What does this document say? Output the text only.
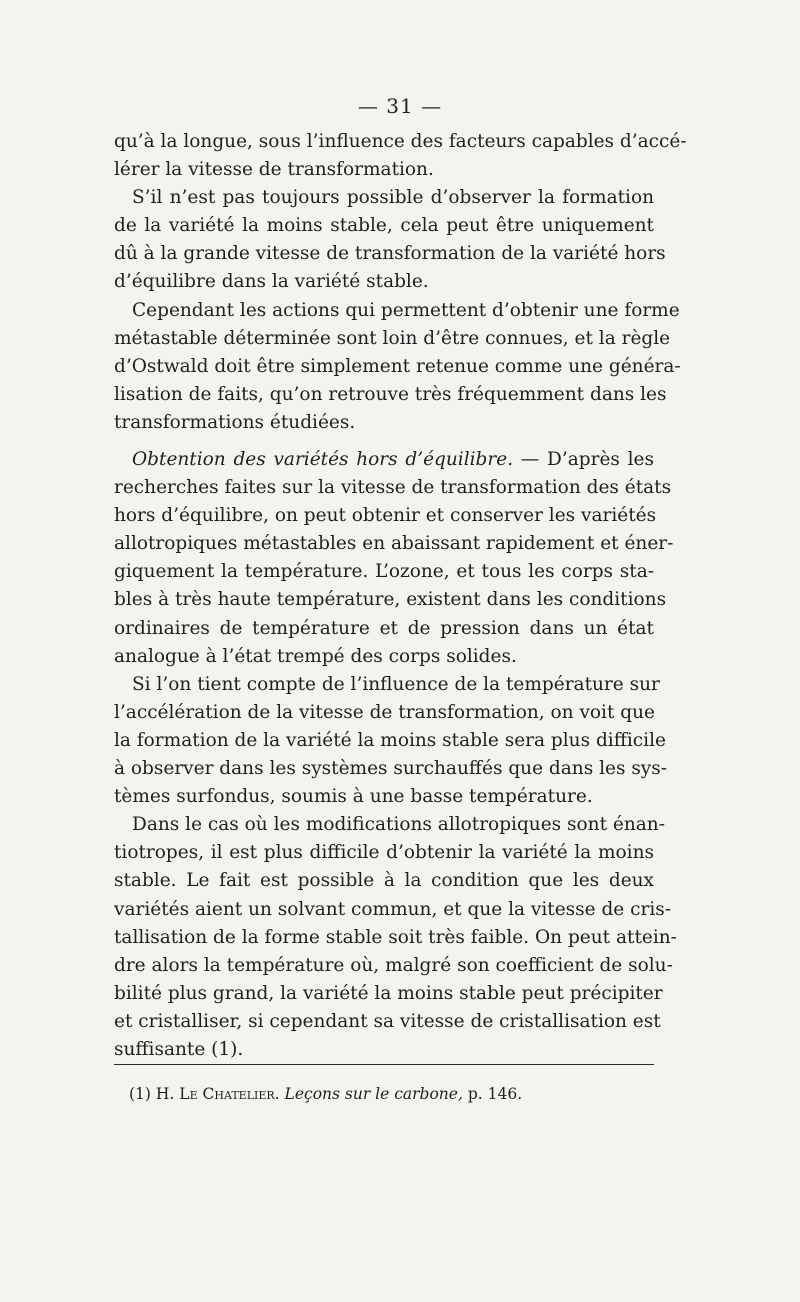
— 31 —
qu’à la longue, sous l’influence des facteurs capables d’accé-
lérer la vitesse de transformation.
S’il n’est pas toujours possible d’observer la formation
de la variété la moins stable, cela peut être uniquement
dû à la grande vitesse de transformation de la variété hors
d’équilibre dans la variété stable.
Cependant les actions qui permettent d’obtenir une forme
métastable déterminée sont loin d’être connues, et la règle
d’Ostwald doit être simplement retenue comme une généra-
lisation de faits, qu’on retrouve très fréquemment dans les
transformations étudiées.
Obtention des variétés hors d’équilibre. — D’après les
recherches faites sur la vitesse de transformation des états
hors d’équilibre, on peut obtenir et conserver les variétés
allotropiques métastables en abaissant rapidement et éner-
giquement la température. L’ozone, et tous les corps sta-
bles à très haute température, existent dans les conditions
ordinaires de température et de pression dans un état
analogue à l’état trempé des corps solides.
Si l’on tient compte de l’influence de la température sur
l’accélération de la vitesse de transformation, on voit que
la formation de la variété la moins stable sera plus difficile
à observer dans les systèmes surchauffés que dans les sys-
tèmes surfondus, soumis à une basse température.
Dans le cas où les modifications allotropiques sont énan-
tiotropes, il est plus difficile d’obtenir la variété la moins
stable. Le fait est possible à la condition que les deux
variétés aient un solvant commun, et que la vitesse de cris-
tallisation de la forme stable soit très faible. On peut attein-
dre alors la température où, malgré son coefficient de solu-
bilité plus grand, la variété la moins stable peut précipiter
et cristalliser, si cependant sa vitesse de cristallisation est
suffisante (1).
(1) H. Le Chatelier. Leçons sur le carbone, p. 146.
